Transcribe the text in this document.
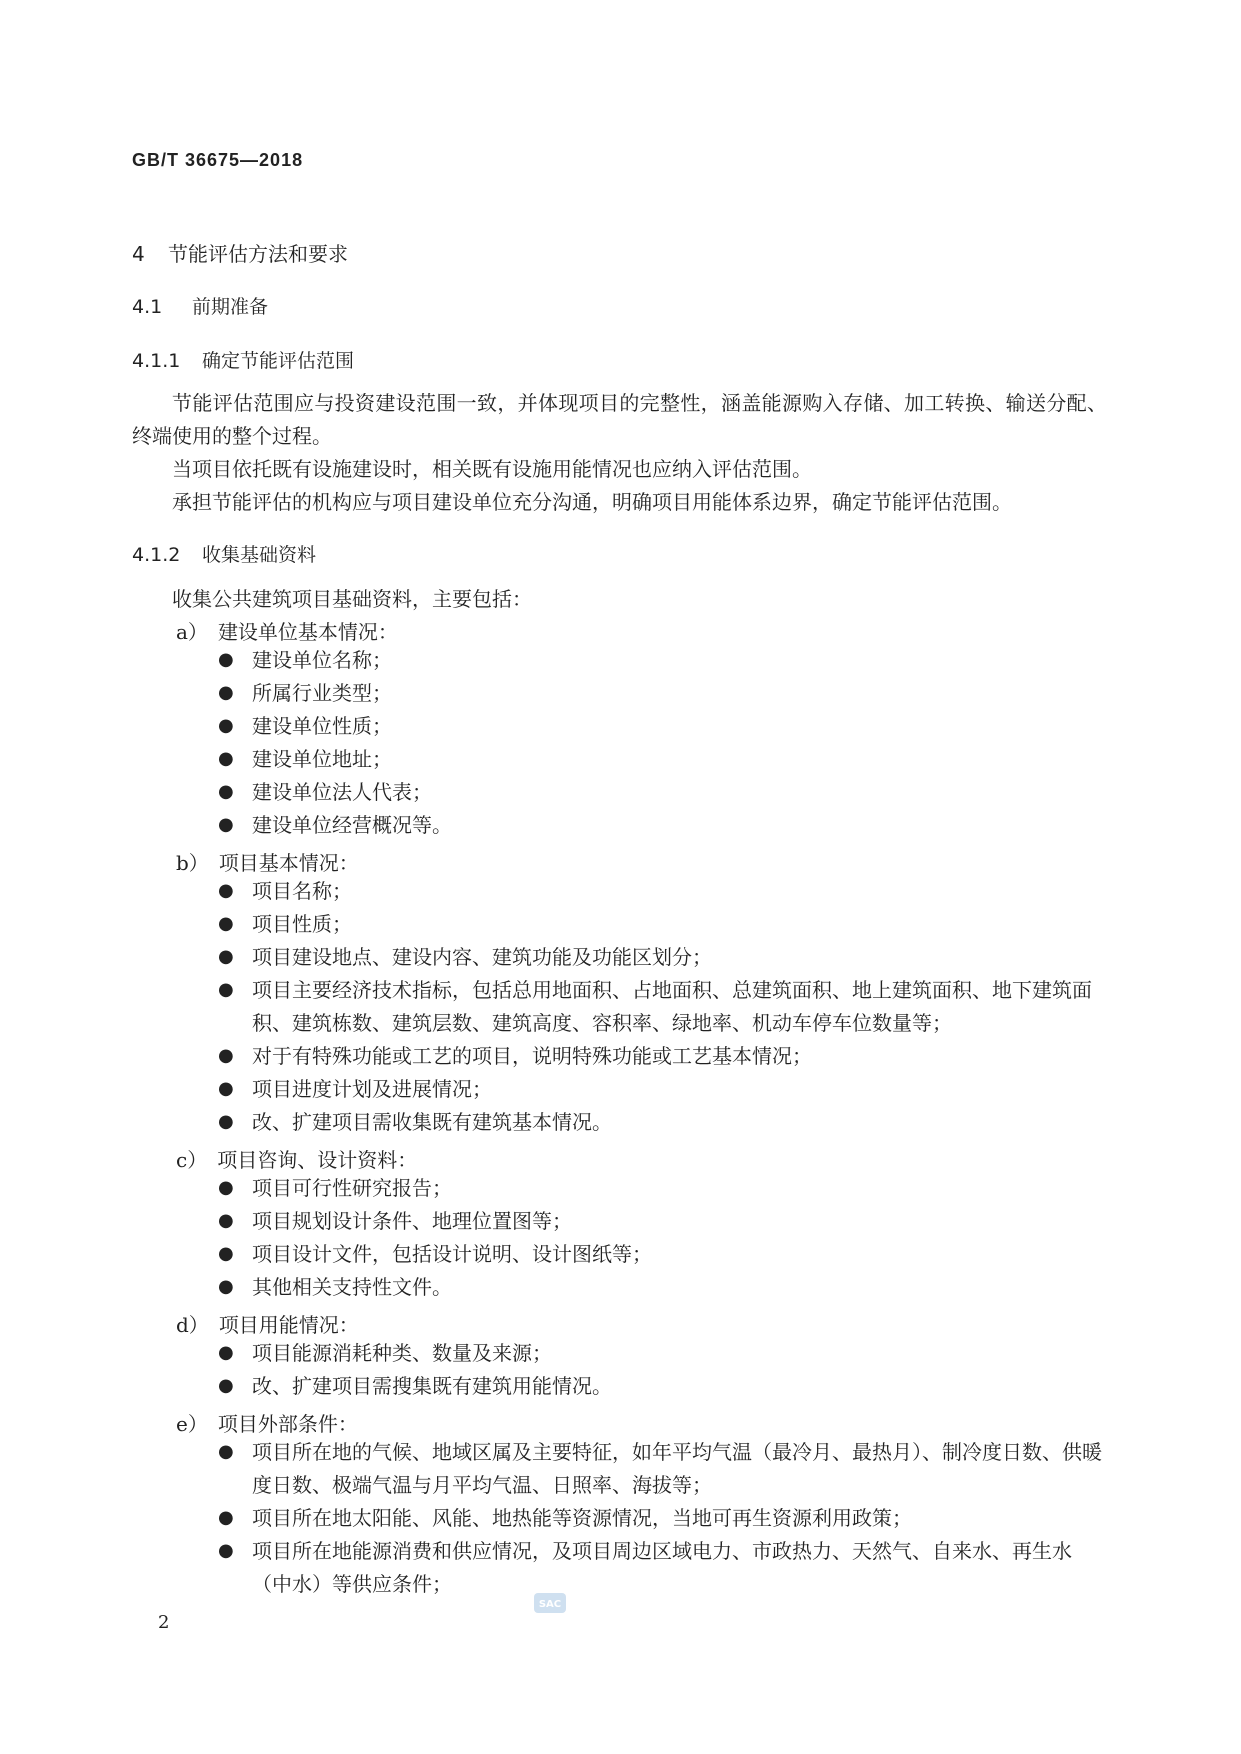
GB/T 36675—2018
4 节能评估方法和要求
4.1 前期准备
4.1.1 确定节能评估范围

节能评估范围应与投资建设范围一致，并体现项目的完整性，涵盖能源购入存储、加工转换、输送分配、终端使用的整个过程。

当项目依托既有设施建设时，相关既有设施用能情况也应纳入评估范围。

承担节能评估的机构应与项目建设单位充分沟通，明确项目用能体系边界，确定节能评估范围。

4.1.2 收集基础资料
收集公共建筑项目基础资料，主要包括：
a） 建设单位基本情况：
● 建设单位名称；
● 所属行业类型；
● 建设单位性质；
● 建设单位地址；
● 建设单位法人代表；
● 建设单位经营概况等。
b） 项目基本情况：
● 项目名称；
● 项目性质；
● 项目建设地点、建设内容、建筑功能及功能区划分；
● 项目主要经济技术指标，包括总用地面积、占地面积、总建筑面积、地上建筑面积、地下建筑面积、建筑栋数、建筑层数、建筑高度、容积率、绿地率、机动车停车位数量等；
● 对于有特殊功能或工艺的项目，说明特殊功能或工艺基本情况；
● 项目进度计划及进展情况；
● 改、扩建项目需收集既有建筑基本情况。
c） 项目咨询、设计资料：
● 项目可行性研究报告；
● 项目规划设计条件、地理位置图等；
● 项目设计文件，包括设计说明、设计图纸等；
● 其他相关支持性文件。
d） 项目用能情况：
● 项目能源消耗种类、数量及来源；
● 改、扩建项目需搜集既有建筑用能情况。
e） 项目外部条件：
● 项目所在地的气候、地域区属及主要特征，如年平均气温（最冷月、最热月）、制冷度日数、供暖度日数、极端气温与月平均气温、日照率、海拔等；
● 项目所在地太阳能、风能、地热能等资源情况，当地可再生资源利用政策；
● 项目所在地能源消费和供应情况，及项目周边区域电力、市政热力、天然气、自来水、再生水（中水）等供应条件；
SAC
2
